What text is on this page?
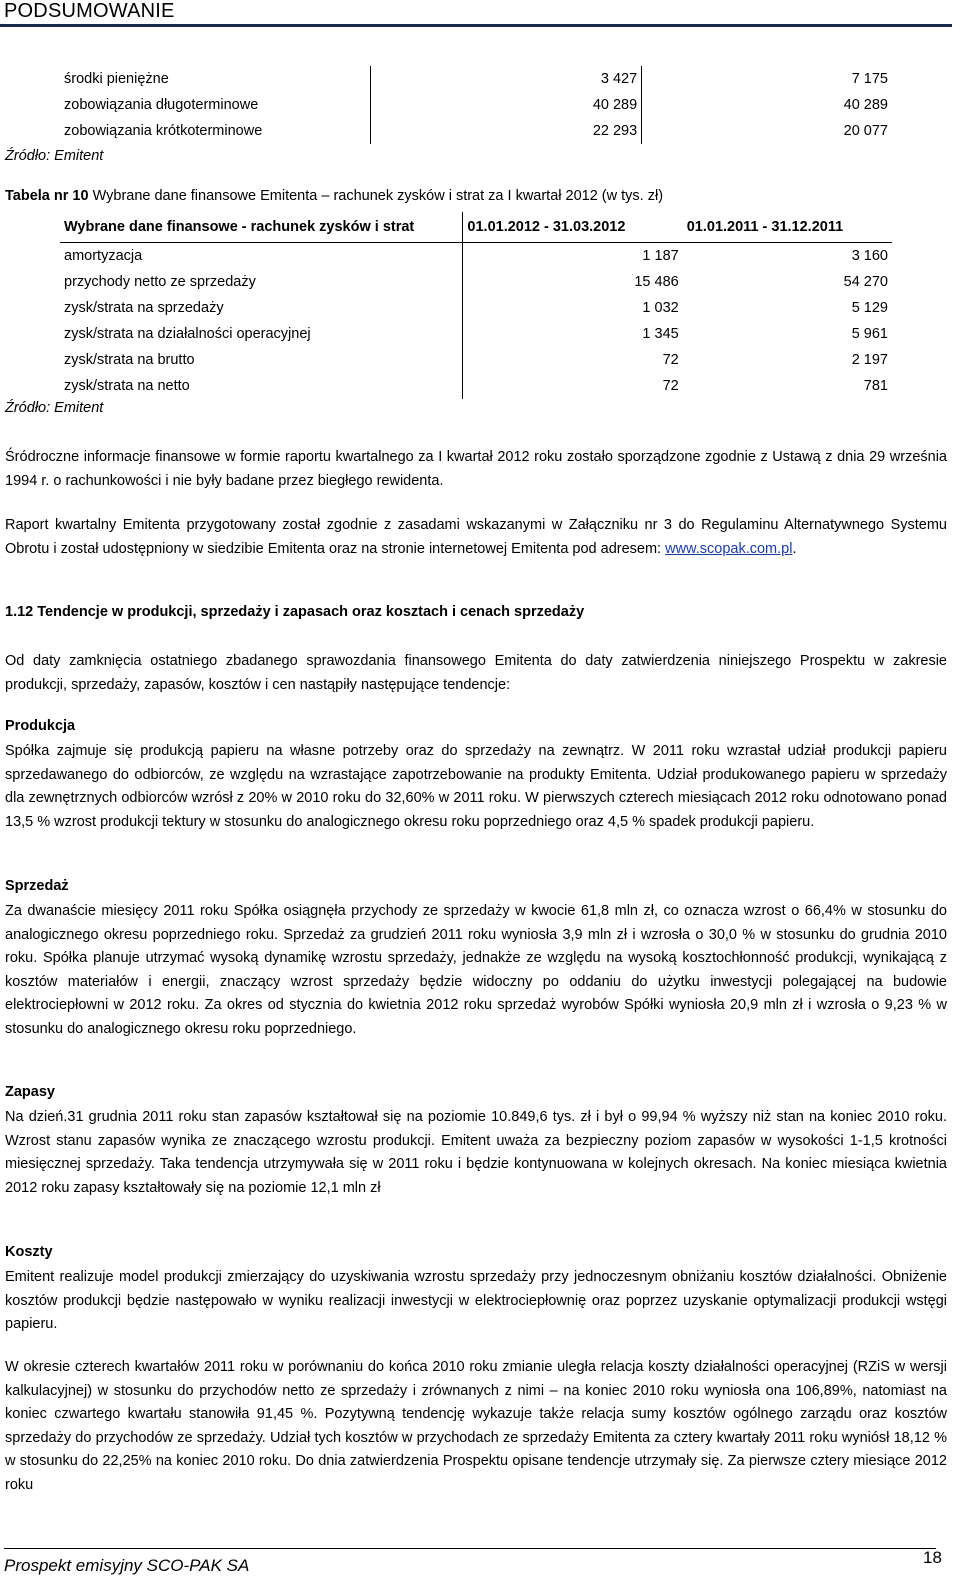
PODSUMOWANIE
środki pieniężne	3 427	7 175
zobowiązania długoterminowe	40 289	40 289
zobowiązania krótkoterminowe	22 293	20 077
Źródło: Emitent
Tabela nr 10 Wybrane dane finansowe Emitenta – rachunek zysków i strat za I kwartał 2012 (w tys. zł)
Wybrane dane finansowe - rachunek zysków i strat	01.01.2012 - 31.03.2012	01.01.2011 - 31.12.2011
amortyzacja	1 187	3 160
przychody netto ze sprzedaży	15 486	54 270
zysk/strata na sprzedaży	1 032	5 129
zysk/strata na działalności operacyjnej	1 345	5 961
zysk/strata na brutto	72	2 197
zysk/strata na netto	72	781
Źródło: Emitent

Śródroczne informacje finansowe w formie raportu kwartalnego za I kwartał 2012 roku zostało sporządzone zgodnie z Ustawą z dnia 29 września 1994 r. o rachunkowości i nie były badane przez biegłego rewidenta.

Raport kwartalny Emitenta przygotowany został zgodnie z zasadami wskazanymi w Załączniku nr 3 do Regulaminu Alternatywnego Systemu Obrotu i został udostępniony w siedzibie Emitenta oraz na stronie internetowej Emitenta pod adresem: www.scopak.com.pl.

1.12 Tendencje w produkcji, sprzedaży i zapasach oraz kosztach i cenach sprzedaży

Od daty zamknięcia ostatniego zbadanego sprawozdania finansowego Emitenta do daty zatwierdzenia niniejszego Prospektu w zakresie produkcji, sprzedaży, zapasów, kosztów i cen nastąpiły następujące tendencje:

Produkcja

Spółka zajmuje się produkcją papieru na własne potrzeby oraz do sprzedaży na zewnątrz. W 2011 roku wzrastał udział produkcji papieru sprzedawanego do odbiorców, ze względu na wzrastające zapotrzebowanie na produkty Emitenta. Udział produkowanego papieru w sprzedaży dla zewnętrznych odbiorców wzrósł z 20% w 2010 roku do 32,60% w 2011 roku. W pierwszych czterech miesiącach 2012 roku odnotowano ponad 13,5 % wzrost produkcji tektury w stosunku do analogicznego okresu roku poprzedniego oraz 4,5 % spadek produkcji papieru.

Sprzedaż

Za dwanaście miesięcy 2011 roku Spółka osiągnęła przychody ze sprzedaży w kwocie 61,8 mln zł, co oznacza wzrost o 66,4% w stosunku do analogicznego okresu poprzedniego roku. Sprzedaż za grudzień 2011 roku wyniosła 3,9 mln zł i wzrosła o 30,0 % w stosunku do grudnia 2010 roku. Spółka planuje utrzymać wysoką dynamikę wzrostu sprzedaży, jednakże ze względu na wysoką kosztochłonność produkcji, wynikającą z kosztów materiałów i energii, znaczący wzrost sprzedaży będzie widoczny po oddaniu do użytku inwestycji polegającej na budowie elektrociepłowni w 2012 roku. Za okres od stycznia do kwietnia 2012 roku sprzedaż wyrobów Spółki wyniosła 20,9 mln zł i wzrosła o 9,23 % w stosunku do analogicznego okresu roku poprzedniego.

Zapasy

Na dzień.31 grudnia 2011 roku stan zapasów kształtował się na poziomie 10.849,6 tys. zł i był o 99,94 % wyższy niż stan na koniec 2010 roku. Wzrost stanu zapasów wynika ze znaczącego wzrostu produkcji. Emitent uważa za bezpieczny poziom zapasów w wysokości 1-1,5 krotności miesięcznej sprzedaży. Taka tendencja utrzymywała się w 2011 roku i będzie kontynuowana w kolejnych okresach. Na koniec miesiąca kwietnia 2012 roku zapasy kształtowały się na poziomie 12,1 mln zł

Koszty

Emitent realizuje model produkcji zmierzający do uzyskiwania wzrostu sprzedaży przy jednoczesnym obniżaniu kosztów działalności. Obniżenie kosztów produkcji będzie następowało w wyniku realizacji inwestycji w elektrociepłownię oraz poprzez uzyskanie optymalizacji produkcji wstęgi papieru.

W okresie czterech kwartałów 2011 roku w porównaniu do końca 2010 roku zmianie uległa relacja koszty działalności operacyjnej (RZiS w wersji kalkulacyjnej) w stosunku do przychodów netto ze sprzedaży i zrównanych z nimi – na koniec 2010 roku wyniosła ona 106,89%, natomiast na koniec czwartego kwartału stanowiła 91,45 %. Pozytywną tendencję wykazuje także relacja sumy kosztów ogólnego zarządu oraz kosztów sprzedaży do przychodów ze sprzedaży. Udział tych kosztów w przychodach ze sprzedaży Emitenta za cztery kwartały 2011 roku wyniósł 18,12 % w stosunku do 22,25% na koniec 2010 roku. Do dnia zatwierdzenia Prospektu opisane tendencje utrzymały się. Za pierwsze cztery miesiące 2012 roku

Prospekt emisyjny SCO-PAK SA	18
